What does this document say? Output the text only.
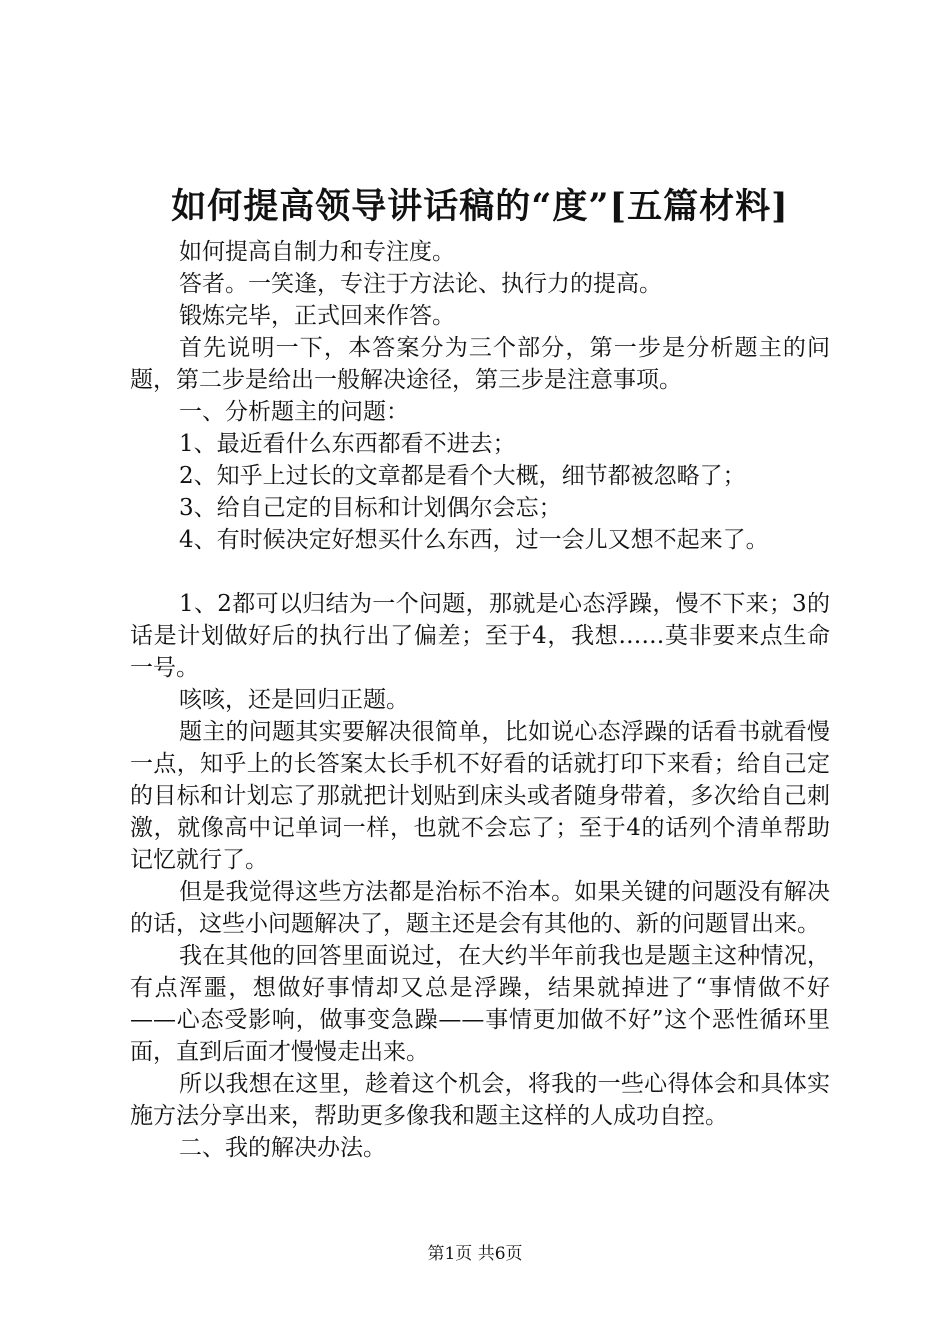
如何提高领导讲话稿的“度”[五篇材料]

如何提高自制力和专注度。

答者。一笑逢，专注于方法论、执行力的提高。

锻炼完毕，正式回来作答。

首先说明一下，本答案分为三个部分，第一步是分析题主的问题，第二步是给出一般解决途径，第三步是注意事项。

一、分析题主的问题：

1、最近看什么东西都看不进去；

2、知乎上过长的文章都是看个大概，细节都被忽略了；

3、给自己定的目标和计划偶尔会忘；

4、有时候决定好想买什么东西，过一会儿又想不起来了。

1、2都可以归结为一个问题，那就是心态浮躁，慢不下来；3的话是计划做好后的执行出了偏差；至于4，我想……莫非要来点生命一号。

咳咳，还是回归正题。

题主的问题其实要解决很简单，比如说心态浮躁的话看书就看慢一点，知乎上的长答案太长手机不好看的话就打印下来看；给自己定的目标和计划忘了那就把计划贴到床头或者随身带着，多次给自己刺激，就像高中记单词一样，也就不会忘了；至于4的话列个清单帮助记忆就行了。

但是我觉得这些方法都是治标不治本。如果关键的问题没有解决的话，这些小问题解决了，题主还是会有其他的、新的问题冒出来。

我在其他的回答里面说过，在大约半年前我也是题主这种情况，有点浑噩，想做好事情却又总是浮躁，结果就掉进了“事情做不好——心态受影响，做事变急躁——事情更加做不好”这个恶性循环里面，直到后面才慢慢走出来。

所以我想在这里，趁着这个机会，将我的一些心得体会和具体实施方法分享出来，帮助更多像我和题主这样的人成功自控。

二、我的解决办法。

第1页 共6页
